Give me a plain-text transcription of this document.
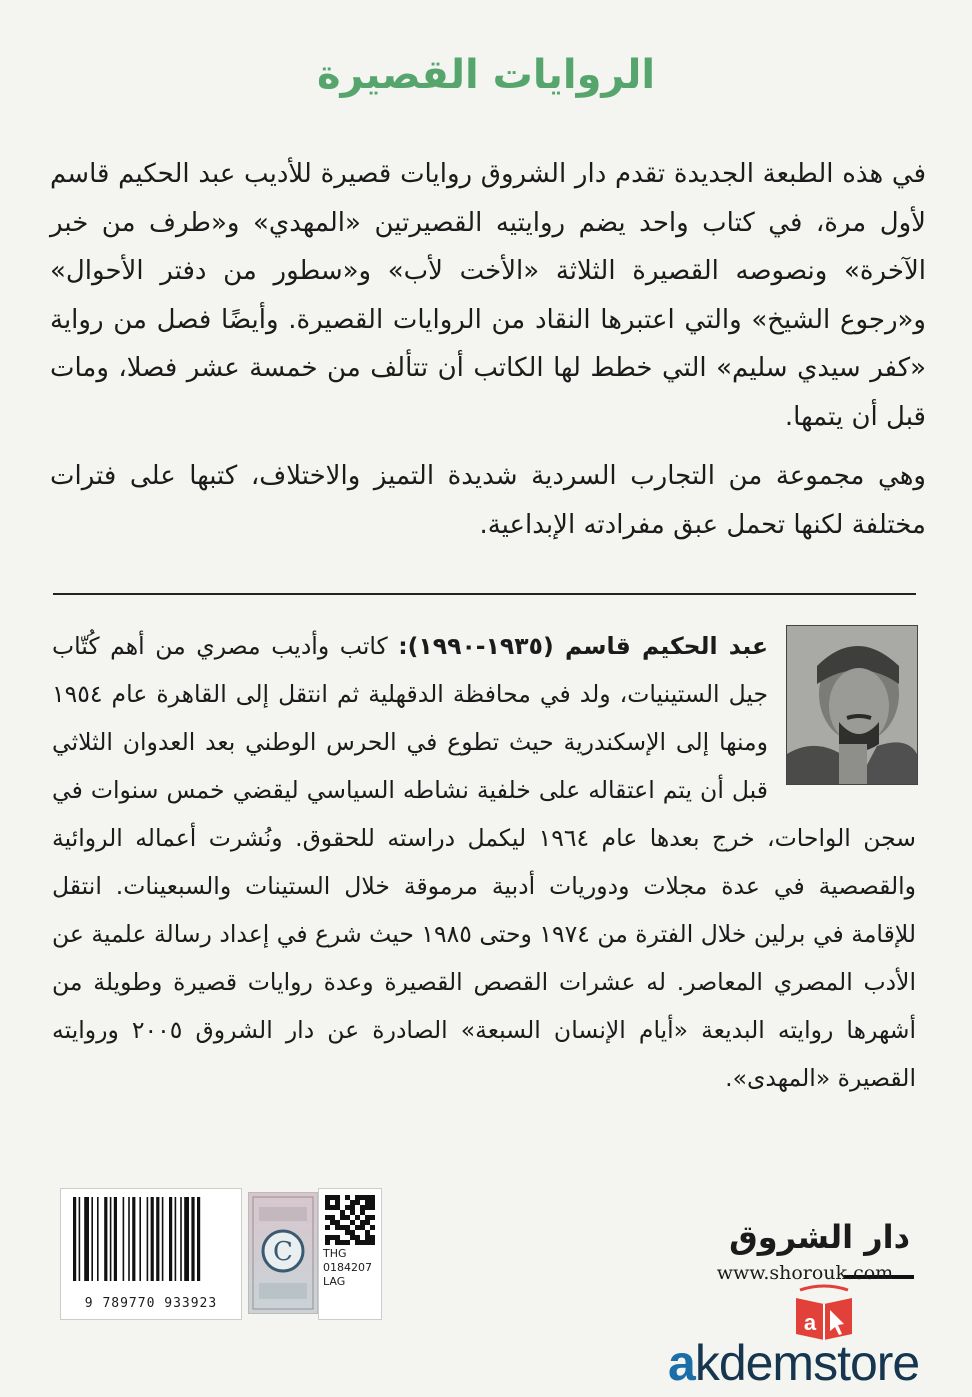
الروايات القصيرة

في هذه الطبعة الجديدة تقدم دار الشروق روايات قصيرة للأديب عبد الحكيم قاسم لأول مرة، في كتاب واحد يضم روايتيه القصيرتين «المهدي» و«طرف من خبر الآخرة» ونصوصه القصيرة الثلاثة «الأخت لأب» و«سطور من دفتر الأحوال» و«رجوع الشيخ» والتي اعتبرها النقاد من الروايات القصيرة. وأيضًا فصل من رواية «كفر سيدي سليم» التي خطط لها الكاتب أن تتألف من خمسة عشر فصلا، ومات قبل أن يتمها.

وهي مجموعة من التجارب السردية شديدة التميز والاختلاف، كتبها على فترات مختلفة لكنها تحمل عبق مفرادته الإبداعية.

عبد الحكيم قاسم (١٩٣٥-١٩٩٠): كاتب وأديب مصري من أهم كُتّاب جيل الستينيات، ولد في محافظة الدقهلية ثم انتقل إلى القاهرة عام ١٩٥٤ ومنها إلى الإسكندرية حيث تطوع في الحرس الوطني بعد العدوان الثلاثي قبل أن يتم اعتقاله على خلفية نشاطه السياسي ليقضي خمس سنوات في سجن الواحات، خرج بعدها عام ١٩٦٤ ليكمل دراسته للحقوق. ونُشرت أعماله الروائية والقصصية في عدة مجلات ودوريات أدبية مرموقة خلال الستينات والسبعينات. انتقل للإقامة في برلين خلال الفترة من ١٩٧٤ وحتى ١٩٨٥ حيث شرع في إعداد رسالة علمية عن الأدب المصري المعاصر. له عشرات القصص القصيرة وعدة روايات قصيرة وطويلة من أشهرها روايته البديعة «أيام الإنسان السبعة» الصادرة عن دار الشروق ٢٠٠٥ وروايته القصيرة «المهدى».

9 789770 933923
C	THG
0184207
LAG
دار الشروق
www.shorouk.com
a
akdemstore
